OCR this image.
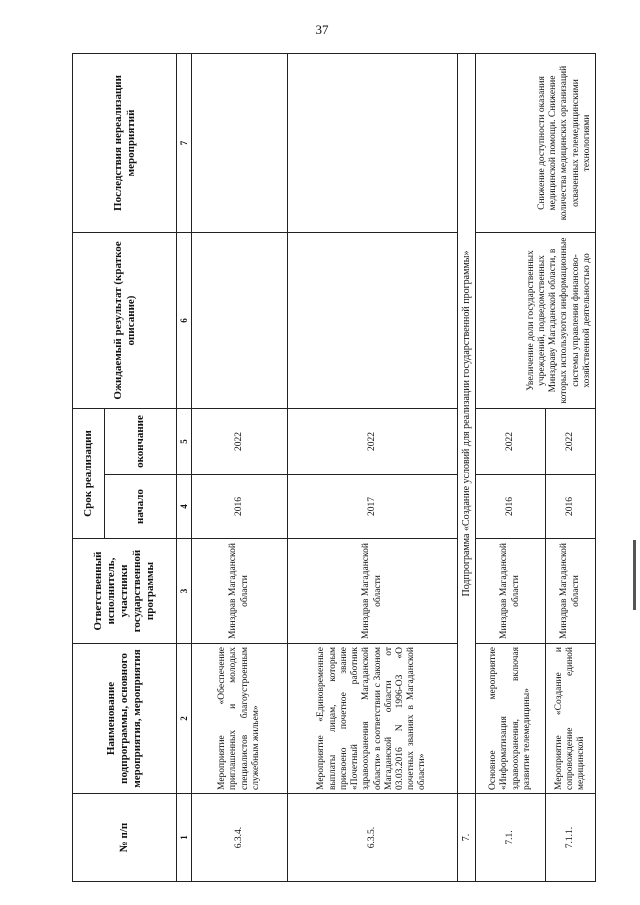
37
№ п/п	Наименование подпрограммы, основного мероприятия, мероприятия	Ответственный исполнитель, участники государственной программы	Срок реализации		Ожидаемый результат (краткое описание)	Последствия нереализации мероприятий
			начало	окончание		
1	2	3	4	5	6	7
6.3.4.	Мероприятие «Обеспечение приглашенных и молодых специалистов благоустроенным служебным жильем»	Минздрав Магаданской области	2016	2022		
6.3.5.	Мероприятие «Единовременные выплаты лицам, которым присвоено почетное звание «Почетный работник здравоохранения Магаданской области» в соответствии с Законом Магаданской области от 03.03.2016 N 1996-ОЗ «О почетных званиях в Магаданской области»	Минздрав Магаданской области	2017	2022		
7.	Подпрограмма «Создание условий для реализации государственной программы»					
7.1.	Основное мероприятие «Информатизация здравоохранения, включая развитие телемедицины»	Минздрав Магаданской области	2016	2022	Увеличение доли государственных учреждений, подведомственных Минздраву Магаданской области, в которых используются информационные системы управления финансово-хозяйственной деятельностью до	Снижение доступности оказания медицинской помощи. Снижение количества медицинских организаций охваченных телемедицинскими технологиями
7.1.1.	Мероприятие «Создание и сопровождение единой медицинской	Минздрав Магаданской области	2016	2022		
